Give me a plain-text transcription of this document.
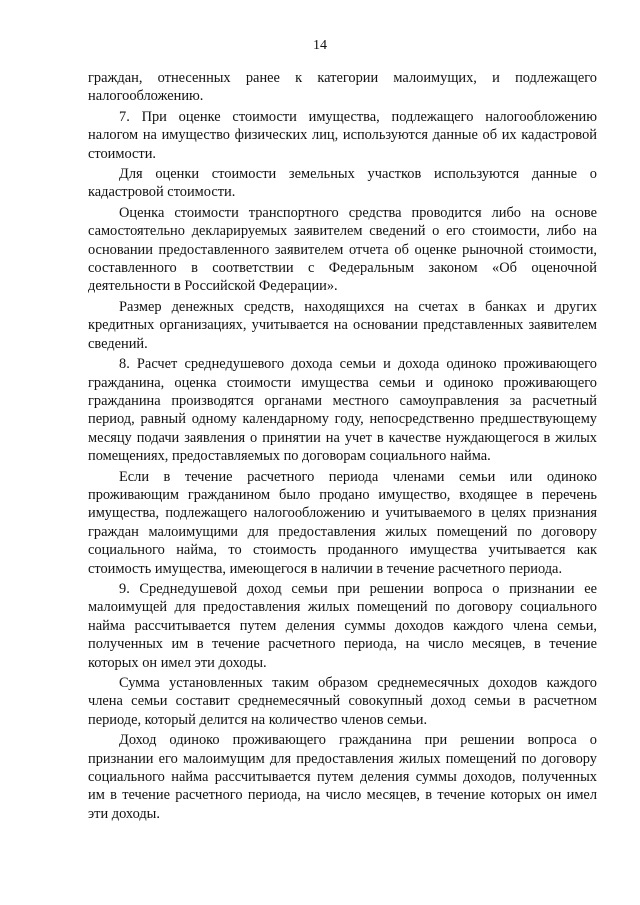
14

граждан, отнесенных ранее к категории малоимущих, и подлежащего налогообложению.

7. При оценке стоимости имущества, подлежащего налогообложению налогом на имущество физических лиц, используются данные об их кадастровой стоимости.

Для оценки стоимости земельных участков используются данные о кадастровой стоимости.

Оценка стоимости транспортного средства проводится либо на основе самостоятельно декларируемых заявителем сведений о его стоимости, либо на основании предоставленного заявителем отчета об оценке рыночной стоимости, составленного в соответствии с Федеральным законом «Об оценочной деятельности в Российской Федерации».

Размер денежных средств, находящихся на счетах в банках и других кредитных организациях, учитывается на основании представленных заявителем сведений.

8. Расчет среднедушевого дохода семьи и дохода одиноко проживающего гражданина, оценка стоимости имущества семьи и одиноко проживающего гражданина производятся органами местного самоуправления за расчетный период, равный одному календарному году, непосредственно предшествующему месяцу подачи заявления о принятии на учет в качестве нуждающегося в жилых помещениях, предоставляемых по договорам социального найма.

Если в течение расчетного периода членами семьи или одиноко проживающим гражданином было продано имущество, входящее в перечень имущества, подлежащего налогообложению и учитываемого в целях признания граждан малоимущими для предоставления жилых помещений по договору социального найма, то стоимость проданного имущества учитывается как стоимость имущества, имеющегося в наличии в течение расчетного периода.

9. Среднедушевой доход семьи при решении вопроса о признании ее малоимущей для предоставления жилых помещений по договору социального найма рассчитывается путем деления суммы доходов каждого члена семьи, полученных им в течение расчетного периода, на число месяцев, в течение которых он имел эти доходы.

Сумма установленных таким образом среднемесячных доходов каждого члена семьи составит среднемесячный совокупный доход семьи в расчетном периоде, который делится на количество членов семьи.

Доход одиноко проживающего гражданина при решении вопроса о признании его малоимущим для предоставления жилых помещений по договору социального найма рассчитывается путем деления суммы доходов, полученных им в течение расчетного периода, на число месяцев, в течение которых он имел эти доходы.
